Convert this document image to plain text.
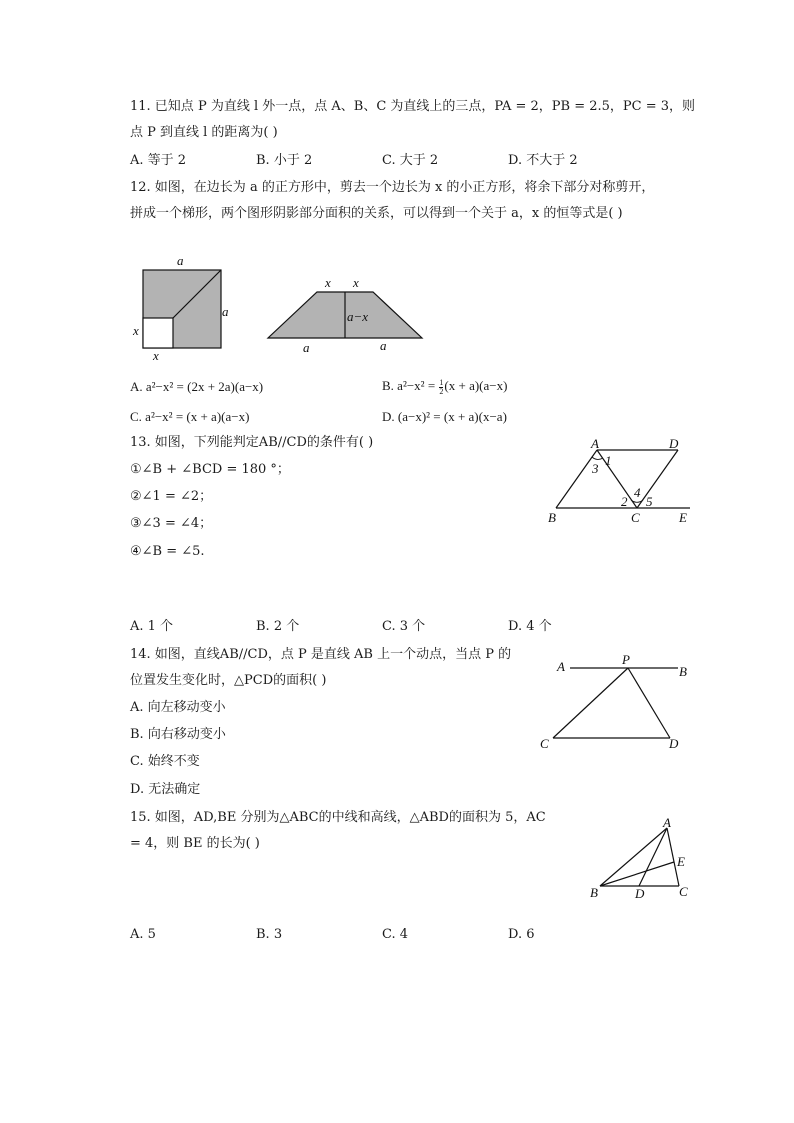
11. 已知点 P 为直线 l 外一点，点 A、B、C 为直线上的三点，PA = 2，PB = 2.5，PC = 3，则
点 P 到直线 l 的距离为( )
A. 等于 2	B. 小于 2	C. 大于 2	D. 不大于 2
12. 如图，在边长为 a 的正方形中，剪去一个边长为 x 的小正方形，将余下部分对称剪开，
拼成一个梯形，两个图形阴影部分面积的关系，可以得到一个关于 a，x 的恒等式是( )
a
a
x
x
x x
a−x
a	a
A. a²−x² = (2x + 2a)(a−x)	B. $a^2-x^2 = \frac{1}{2} (x + a)(a-x)$
C. a²−x² = (x + a)(a−x)	D. (a−x)² = (x + a)(x−a)
13. 如图，下列能判定AB//CD的条件有( )
①∠B + ∠BCD = 180 °；
②∠1 = ∠2；
③∠3 = ∠4；
④∠B = ∠5.
A	D
B	C	E
1
3
4
2 5
A. 1 个	B. 2 个	C. 3 个	D. 4 个
14. 如图，直线AB//CD，点 P 是直线 AB 上一个动点，当点 P 的
位置发生变化时，△PCD的面积( )
A. 向左移动变小
B. 向右移动变小
C. 始终不变
D. 无法确定
A	P
B
C	D
15. 如图，AD,BE 分别为△ABC的中线和高线，△ABD的面积为 5，AC
= 4，则 BE 的长为( )
A
E
B	D	C
A. 5	B. 3	C. 4	D. 6
